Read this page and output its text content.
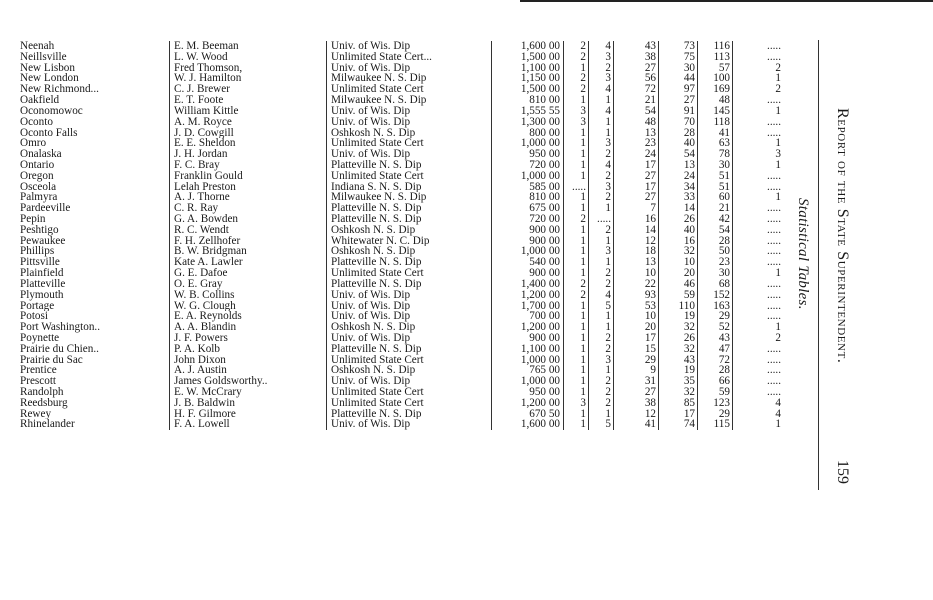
Neenah	E. M. Beeman	Univ. of Wis. Dip	1,600 00	2	4	43	73	116	.....
Neillsville	L. W. Wood	Unlimited State Cert...	1,500 00	2	3	38	75	113	.....
New Lisbon	Fred Thomson,	Univ. of Wis. Dip	1,100 00	1	2	27	30	57	2
New London	W. J. Hamilton	Milwaukee N. S. Dip	1,150 00	2	3	56	44	100	1
New Richmond...	C. J. Brewer	Unlimited State Cert	1,500 00	2	4	72	97	169	2
Oakfield	E. T. Foote	Milwaukee N. S. Dip	810 00	1	1	21	27	48	.....
Oconomowoc	William Kittle	Univ. of Wis. Dip	1,555 55	3	4	54	91	145	1
Oconto	A. M. Royce	Univ. of Wis. Dip	1,300 00	3	1	48	70	118	.....
Oconto Falls	J. D. Cowgill	Oshkosh N. S. Dip	800 00	1	1	13	28	41	.....
Omro	E. E. Sheldon	Unlimited State Cert	1,000 00	1	3	23	40	63	1
Onalaska	J. H. Jordan	Univ. of Wis. Dip	950 00	1	2	24	54	78	3
Ontario	F. C. Bray	Platteville N. S. Dip	720 00	1	4	17	13	30	1
Oregon	Franklin Gould	Unlimited State Cert	1,000 00	1	2	27	24	51	.....
Osceola	Lelah Preston	Indiana S. N. S. Dip	585 00	.....	3	17	34	51	.....
Palmyra	A. J. Thorne	Milwaukee N. S. Dip	810 00	1	2	27	33	60	1
Pardeeville	C. R. Ray	Platteville N. S. Dip	675 00	1	1	7	14	21	.....
Pepin	G. A. Bowden	Platteville N. S. Dip	720 00	2	.....	16	26	42	.....
Peshtigo	R. C. Wendt	Oshkosh N. S. Dip	900 00	1	2	14	40	54	.....
Pewaukee	F. H. Zellhofer	Whitewater N. C. Dip	900 00	1	1	12	16	28	.....
Phillips	B. W. Bridgman	Oshkosh N. S. Dip	1,000 00	1	3	18	32	50	.....
Pittsville	Kate A. Lawler	Platteville N. S. Dip	540 00	1	1	13	10	23	.....
Plainfield	G. E. Dafoe	Unlimited State Cert	900 00	1	2	10	20	30	1
Platteville	O. E. Gray	Platteville N. S. Dip	1,400 00	2	2	22	46	68	.....
Plymouth	W. B. Collins	Univ. of Wis. Dip	1,200 00	2	4	93	59	152	.....
Portage	W. G. Clough	Univ. of Wis. Dip	1,700 00	1	5	53	110	163	.....
Potosi	E. A. Reynolds	Univ. of Wis. Dip	700 00	1	1	10	19	29	.....
Port Washington..	A. A. Blandin	Oshkosh N. S. Dip	1,200 00	1	1	20	32	52	1
Poynette	J. F. Powers	Univ. of Wis. Dip	900 00	1	2	17	26	43	2
Prairie du Chien..	P. A. Kolb	Platteville N. S. Dip	1,100 00	1	2	15	32	47	.....
Prairie du Sac	John Dixon	Unlimited State Cert	1,000 00	1	3	29	43	72	.....
Prentice	A. J. Austin	Oshkosh N. S. Dip	765 00	1	1	9	19	28	.....
Prescott	James Goldsworthy..	Univ. of Wis. Dip	1,000 00	1	2	31	35	66	.....
Randolph	E. W. McCrary	Unlimited State Cert	950 00	1	2	27	32	59	.....
Reedsburg	J. B. Baldwin	Unlimited State Cert	1,200 00	3	2	38	85	123	4
Rewey	H. F. Gilmore	Platteville N. S. Dip	670 50	1	1	12	17	29	4
Rhinelander	F. A. Lowell	Univ. of Wis. Dip	1,600 00	1	5	41	74	115	1
Statistical Tables. Report of the State Superintendent.
159
